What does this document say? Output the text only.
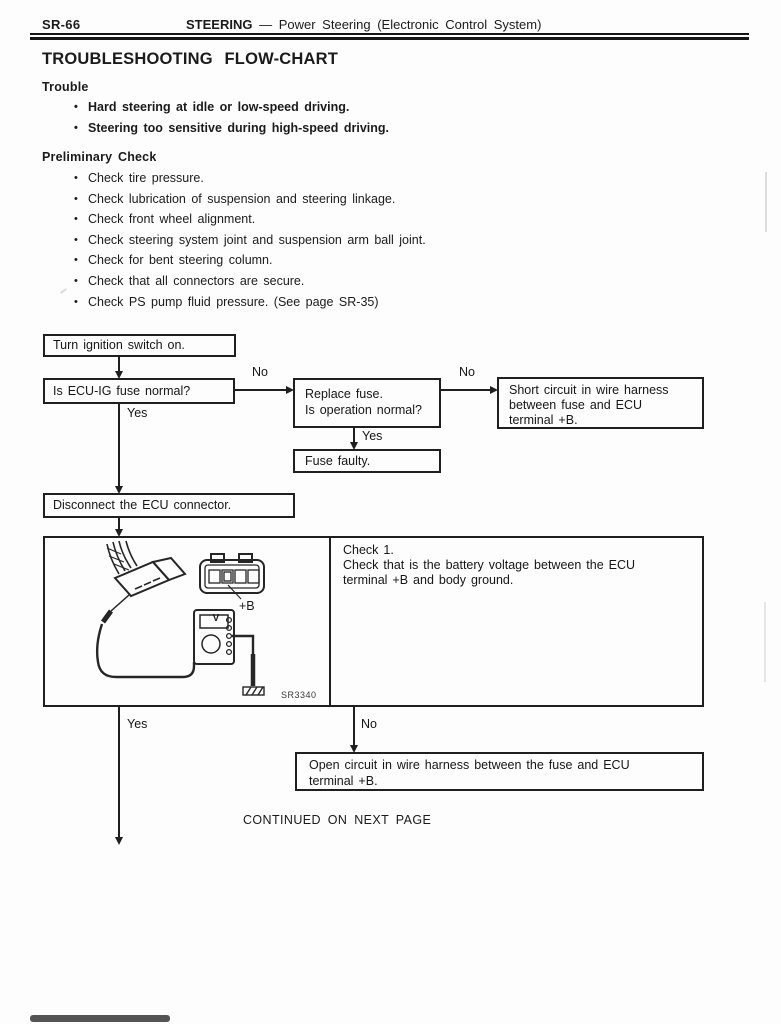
SR-66	STEERING — Power Steering (Electronic Control System)
TROUBLESHOOTING FLOW-CHART
Trouble
• Hard steering at idle or low-speed driving.
• Steering too sensitive during high-speed driving.
Preliminary Check
• Check tire pressure.
• Check lubrication of suspension and steering linkage.
• Check front wheel alignment.
• Check steering system joint and suspension arm ball joint.
• Check for bent steering column.
• Check that all connectors are secure.
• Check PS pump fluid pressure. (See page SR-35)
Yes
No	No
Yes
Yes	No
Turn ignition switch on.
Is ECU-IG fuse normal?	Replace fuse.
Is operation normal?
Short circuit in wire harness
between fuse and ECU
terminal +B.
Fuse faulty.
Disconnect the ECU connector.
Check 1.
Check that is the battery voltage between the ECU
terminal +B and body ground.
+B
V
SR3340
Open circuit in wire harness between the fuse and ECU
terminal +B.
CONTINUED ON NEXT PAGE
